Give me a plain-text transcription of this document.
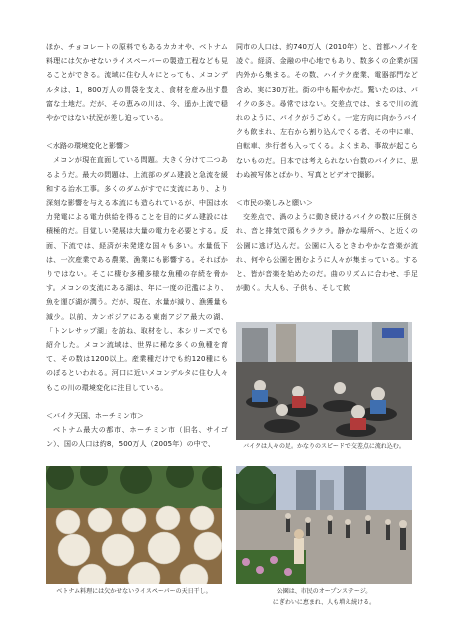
ほか、チョコレートの原料でもあるカカオや、ベトナム料理には欠かせないライスペーパーの製造工程なども見ることができる。流域に住む人々にとっても、メコンデルタは、1，800万人の胃袋を支え、食材を産み出す豊富な土地だ。だが、その恵みの川は、今、遥か上流で穏やかではない状況が差し迫っている。

＜水路の環境変化と影響＞

メコンが現在直面している問題。大きく分けて二つあるようだ。最大の問題は、上流部のダム建設と急流を緩和する治水工事。多くのダムがすでに支流にあり、より深刻な影響を与える本流にも造られているが、中国は水力発電による電力供給を得ることを目的にダム建設には積極的だ。目覚しい発展は大量の電力を必要とする。反面、下流では、経済が未発達な国々も多い。水量低下は、一次産業である農業、漁業にも影響する。そればかりではない。そこに棲む多種多様な魚種の存続を脅かす。メコンの支流にある湖は、年に一度の氾濫により、魚を運び湖が潤う。だが、現在、水量が減り、漁獲量も減少。以前、カンボジアにある東南アジア最大の湖、「トンレサップ湖」を訪ね、取材をし、本シリーズでも紹介した。メコン流域は、世界に稀な多くの魚種を育て、その数は1200以上。産業種だけでも約120種にものぼるといわれる。河口に近いメコンデルタに住む人々もこの川の環境変化に注目している。

＜バイク天国、ホーチミン市＞

ベトナム最大の都市、ホーチミン市（旧名、サイゴン）、国の人口は約8，500万人（2005年）の中で、

同市の人口は、約740万人（2010年）と、首都ハノイを凌ぐ。経済、金融の中心地でもあり、数多くの企業が国内外から集まる。その数、ハイテク産業、電器部門など含め、実に30万社。街の中も賑やかだ。驚いたのは、バイクの多さ。尋常ではない。交差点では、まるで川の流れのように、バイクがうごめく。一定方向に向かうバイクも飲まれ、左右から割り込んでくる者、その中に車、自転車、歩行者も入ってくる。よくまあ、事故が起こらないものだ。日本では考えられない台数のバイクに、思わぬ被写体とばかり、写真とビデオで撮影。

＜市民の楽しみと願い＞

交差点で、渦のように動き続けるバイクの数に圧倒され、音と排気で頭もクラクラ。静かな場所へ、と近くの公園に逃げ込んだ。公園に入るときわやかな音楽が流れ、何やら公園を囲むように人々が集まっている。すると、皆が音楽を始めたのだ。曲のリズムに合わせ、手足が動く。大人も、子供も、そして飲

バイクは人々の足。かなりのスピードで交差点に流れ込む。

ベトナム料理には欠かせないライスペーパーの天日干し。	公園は、市民のオープンステージ。

にぎわいに恵まれ、人も増え続ける。
